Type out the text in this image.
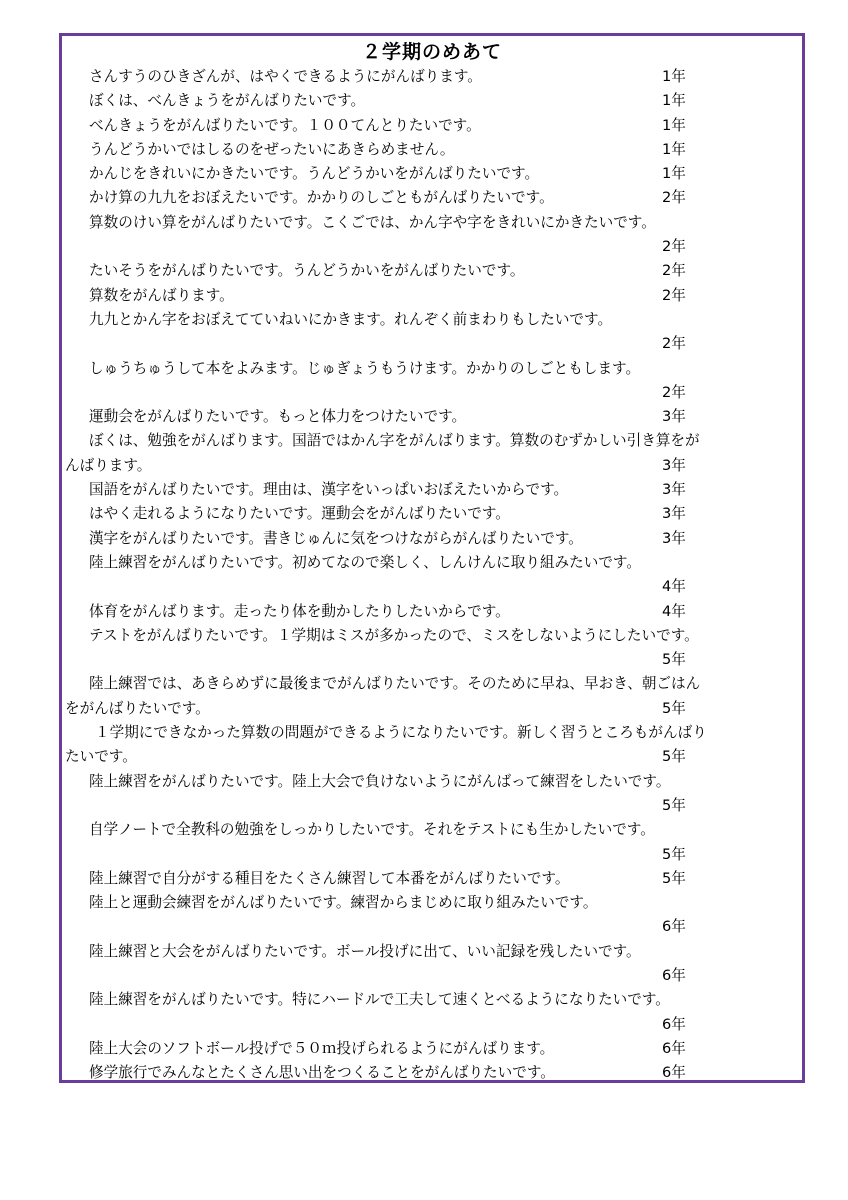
２学期のめあて
さんすうのひきざんが、はやくできるようにがんばります。	1年
ぼくは、べんきょうをがんばりたいです。	1年
べんきょうをがんばりたいです。１００てんとりたいです。	1年
うんどうかいではしるのをぜったいにあきらめません。	1年
かんじをきれいにかきたいです。うんどうかいをがんばりたいです。	1年
かけ算の九九をおぼえたいです。かかりのしごともがんばりたいです。	2年
算数のけい算をがんばりたいです。こくごでは、かん字や字をきれいにかきたいです。
2年
たいそうをがんばりたいです。うんどうかいをがんばりたいです。	2年
算数をがんばります。	2年
九九とかん字をおぼえてていねいにかきます。れんぞく前まわりもしたいです。
2年
しゅうちゅうして本をよみます。じゅぎょうもうけます。かかりのしごともします。
2年
運動会をがんばりたいです。もっと体力をつけたいです。	3年
ぼくは、勉強をがんばります。国語ではかん字をがんばります。算数のむずかしい引き算をが
んばります。	3年
国語をがんばりたいです。理由は、漢字をいっぱいおぼえたいからです。	3年
はやく走れるようになりたいです。運動会をがんばりたいです。	3年
漢字をがんばりたいです。書きじゅんに気をつけながらがんばりたいです。	3年
陸上練習をがんばりたいです。初めてなので楽しく、しんけんに取り組みたいです。
4年
体育をがんばります。走ったり体を動かしたりしたいからです。	4年
テストをがんばりたいです。１学期はミスが多かったので、ミスをしないようにしたいです。
5年
陸上練習では、あきらめずに最後までがんばりたいです。そのために早ね、早おき、朝ごはん
をがんばりたいです。	5年
１学期にできなかった算数の問題ができるようになりたいです。新しく習うところもがんばり
たいです。	5年
陸上練習をがんばりたいです。陸上大会で負けないようにがんばって練習をしたいです。
5年
自学ノートで全教科の勉強をしっかりしたいです。それをテストにも生かしたいです。
5年
陸上練習で自分がする種目をたくさん練習して本番をがんばりたいです。	5年
陸上と運動会練習をがんばりたいです。練習からまじめに取り組みたいです。
6年
陸上練習と大会をがんばりたいです。ボール投げに出て、いい記録を残したいです。
6年
陸上練習をがんばりたいです。特にハードルで工夫して速くとべるようになりたいです。
6年
陸上大会のソフトボール投げで５０ｍ投げられるようにがんばります。	6年
修学旅行でみんなとたくさん思い出をつくることをがんばりたいです。	6年
